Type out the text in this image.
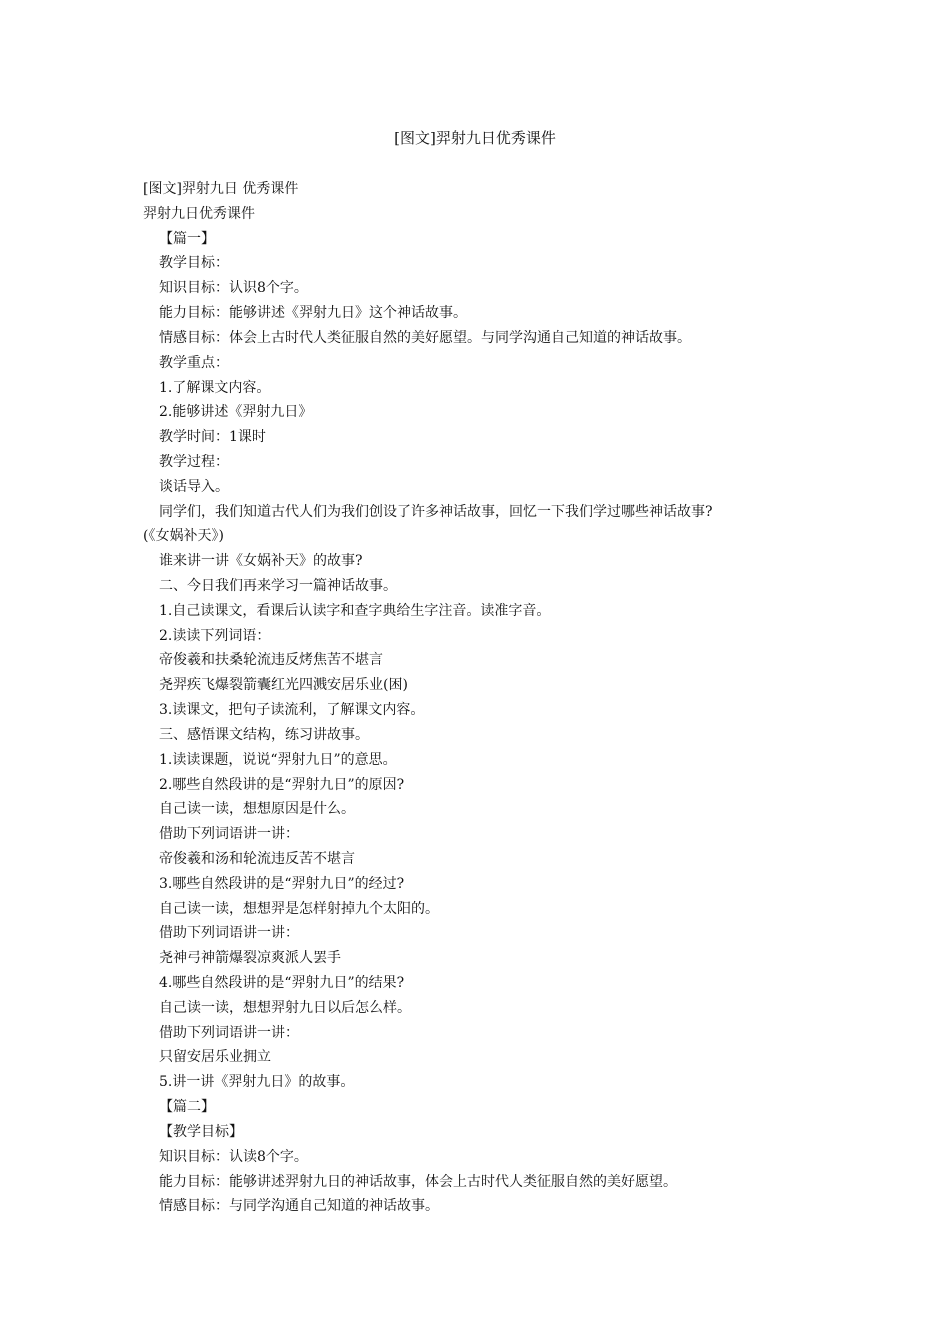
[图文]羿射九日优秀课件
[图文]羿射九日 优秀课件
羿射九日优秀课件
【篇一】
教学目标：
知识目标：认识8个字。
能力目标：能够讲述《羿射九日》这个神话故事。
情感目标：体会上古时代人类征服自然的美好愿望。与同学沟通自己知道的神话故事。
教学重点：
1.了解课文内容。
2.能够讲述《羿射九日》
教学时间：1课时
教学过程：
谈话导入。
同学们，我们知道古代人们为我们创设了许多神话故事，回忆一下我们学过哪些神话故事?
(《女娲补天》)
谁来讲一讲《女娲补天》的故事?
二、今日我们再来学习一篇神话故事。
1.自己读课文，看课后认读字和查字典给生字注音。读准字音。
2.读读下列词语：
帝俊羲和扶桑轮流违反烤焦苦不堪言
尧羿疾飞爆裂箭囊红光四溅安居乐业(困)
3.读课文，把句子读流利，了解课文内容。
三、感悟课文结构，练习讲故事。
1.读读课题，说说“羿射九日”的意思。
2.哪些自然段讲的是“羿射九日”的原因?
自己读一读，想想原因是什么。
借助下列词语讲一讲：
帝俊羲和汤和轮流违反苦不堪言
3.哪些自然段讲的是“羿射九日”的经过?
自己读一读，想想羿是怎样射掉九个太阳的。
借助下列词语讲一讲：
尧神弓神箭爆裂凉爽派人罢手
4.哪些自然段讲的是“羿射九日”的结果?
自己读一读，想想羿射九日以后怎么样。
借助下列词语讲一讲：
只留安居乐业拥立
5.讲一讲《羿射九日》的故事。
【篇二】
【教学目标】
知识目标：认读8个字。
能力目标：能够讲述羿射九日的神话故事，体会上古时代人类征服自然的美好愿望。
情感目标：与同学沟通自己知道的神话故事。
